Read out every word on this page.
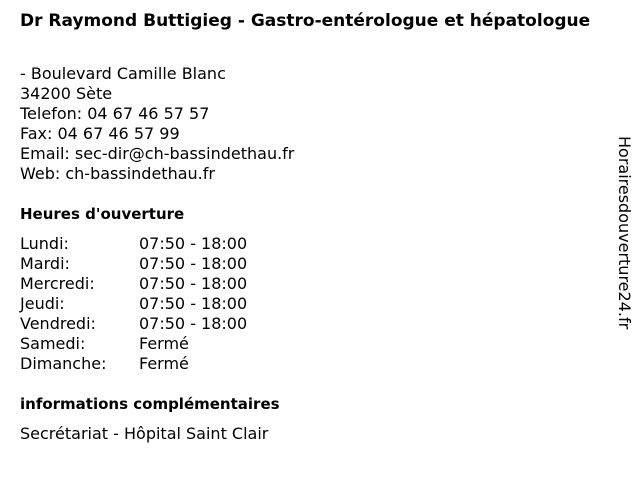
Dr Raymond Buttigieg - Gastro-entérologue et hépatologue
- Boulevard Camille Blanc
34200 Sète
Telefon: 04 67 46 57 57
Fax: 04 67 46 57 99
Email: sec-dir@ch-bassindethau.fr
Web: ch-bassindethau.fr
Heures d'ouverture
Lundi:	07:50 - 18:00
Mardi:	07:50 - 18:00
Mercredi:	07:50 - 18:00
Jeudi:	07:50 - 18:00
Vendredi:	07:50 - 18:00
Samedi:	Fermé
Dimanche:	Fermé
informations complémentaires
Secrétariat - Hôpital Saint Clair
Horairesdouverture24.fr
